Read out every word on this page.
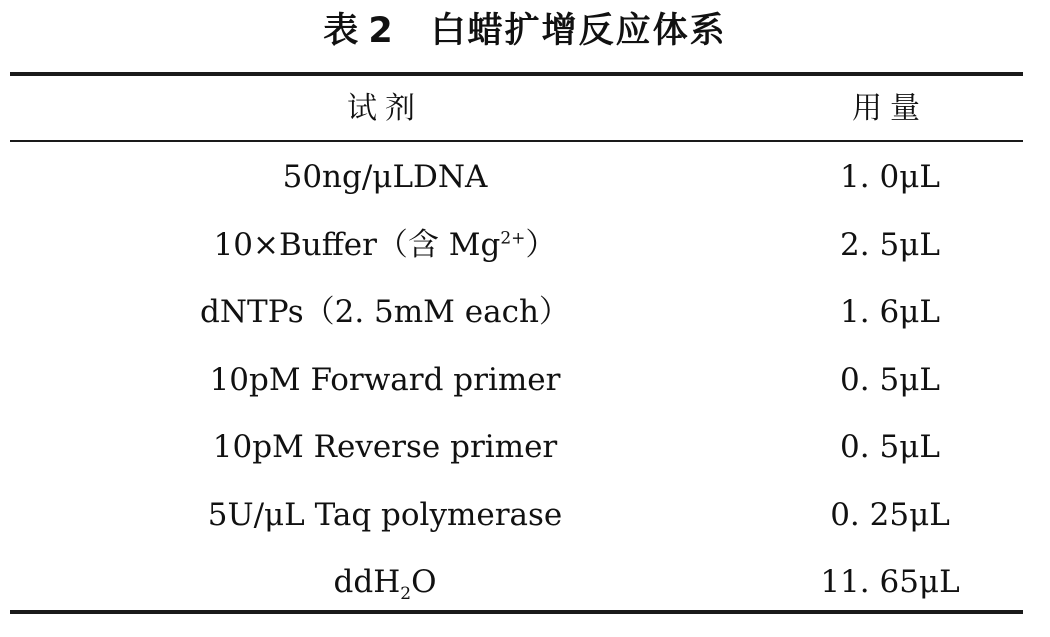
表 2 白蜡扩增反应体系
试剂	用量
50ng/μLDNA	1. 0μL
10×Buffer（含 $Mg^{2+}$）	2. 5μL
dNTPs（2. 5mM each）	1. 6μL
10pM Forward primer	0. 5μL
10pM Reverse primer	0. 5μL
5U/μL Taq polymerase	0. 25μL
ddH$_2$O	11. 65μL
